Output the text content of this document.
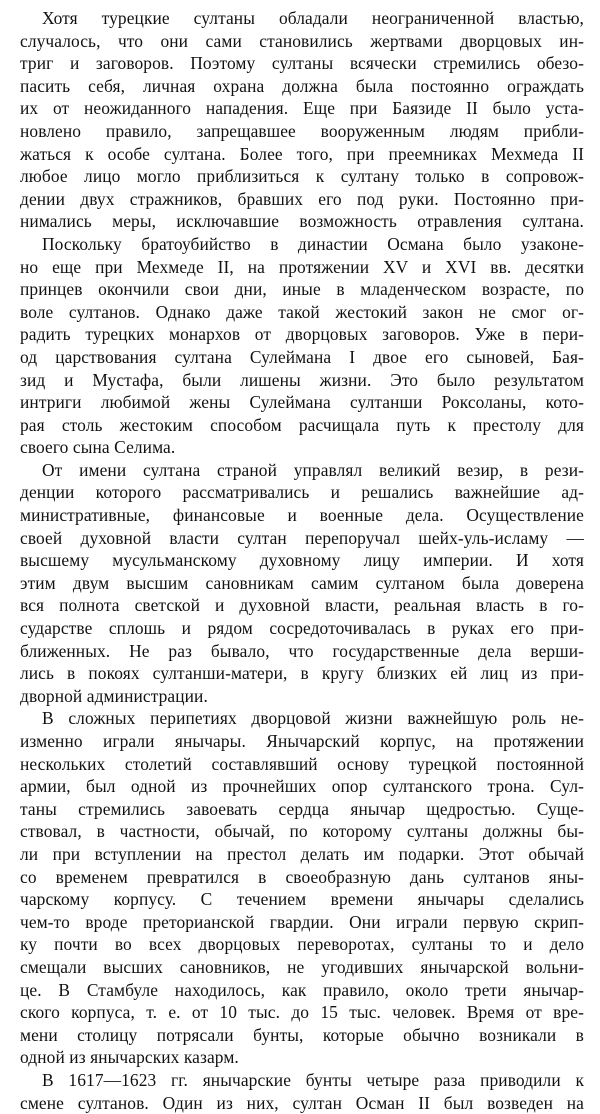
Хотя турецкие султаны обладали неограниченной властью,
случалось, что они сами становились жертвами дворцовых ин-
триг и заговоров. Поэтому султаны всячески стремились обезо-
пасить себя, личная охрана должна была постоянно ограждать
их от неожиданного нападения. Еще при Баязиде II было уста-
новлено правило, запрещавшее вооруженным людям прибли-
жаться к особе султана. Более того, при преемниках Мехмеда II
любое лицо могло приблизиться к султану только в сопровож-
дении двух стражников, бравших его под руки. Постоянно при-
нимались меры, исключавшие возможность отравления султана.
Поскольку братоубийство в династии Османа было узаконе-
но еще при Мехмеде II, на протяжении XV и XVI вв. десятки
принцев окончили свои дни, иные в младенческом возрасте, по
воле султанов. Однако даже такой жестокий закон не смог ог-
радить турецких монархов от дворцовых заговоров. Уже в пери-
од царствования султана Сулеймана I двое его сыновей, Бая-
зид и Мустафа, были лишены жизни. Это было результатом
интриги любимой жены Сулеймана султанши Роксоланы, кото-
рая столь жестоким способом расчищала путь к престолу для
своего сына Селима.
От имени султана страной управлял великий везир, в рези-
денции которого рассматривались и решались важнейшие ад-
министративные, финансовые и военные дела. Осуществление
своей духовной власти султан перепоручал шейх-уль-исламу —
высшему мусульманскому духовному лицу империи. И хотя
этим двум высшим сановникам самим султаном была доверена
вся полнота светской и духовной власти, реальная власть в го-
сударстве сплошь и рядом сосредоточивалась в руках его при-
ближенных. Не раз бывало, что государственные дела верши-
лись в покоях султанши-матери, в кругу близких ей лиц из при-
дворной администрации.
В сложных перипетиях дворцовой жизни важнейшую роль не-
изменно играли янычары. Янычарский корпус, на протяжении
нескольких столетий составлявший основу турецкой постоянной
армии, был одной из прочнейших опор султанского трона. Сул-
таны стремились завоевать сердца янычар щедростью. Суще-
ствовал, в частности, обычай, по которому султаны должны бы-
ли при вступлении на престол делать им подарки. Этот обычай
со временем превратился в своеобразную дань султанов яны-
чарскому корпусу. С течением времени янычары сделались
чем-то вроде преторианской гвардии. Они играли первую скрип-
ку почти во всех дворцовых переворотах, султаны то и дело
смещали высших сановников, не угодивших янычарской вольни-
це. В Стамбуле находилось, как правило, около трети янычар-
ского корпуса, т. е. от 10 тыс. до 15 тыс. человек. Время от вре-
мени столицу потрясали бунты, которые обычно возникали в
одной из янычарских казарм.
В 1617—1623 гг. янычарские бунты четыре раза приводили к
смене султанов. Один из них, султан Осман II был возведен на
